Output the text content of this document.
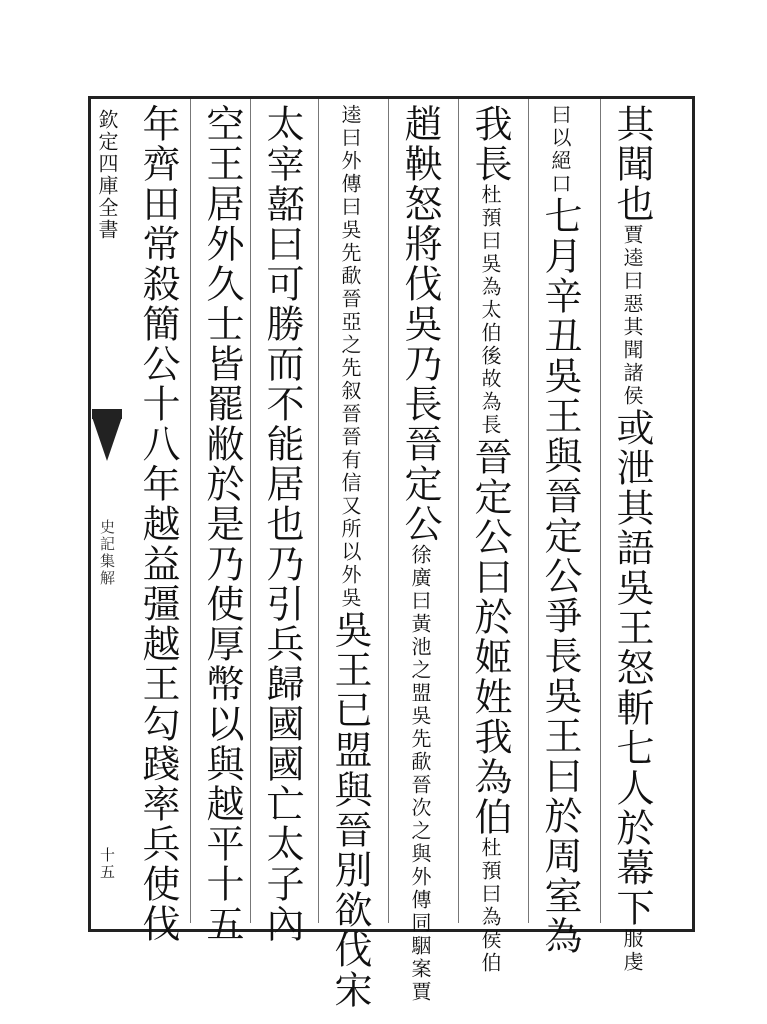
欽定四庫全書
史記集解
十五
其聞也賈逵曰惡其聞諸侯或泄其語吳王怒斬七人於幕下服虔
曰以絕口七月辛丑吳王與晉定公爭長吳王曰於周室為
我長杜預曰吳為太伯後故為長晉定公曰於姬姓我為伯杜預曰為侯伯
趙鞅怒將伐吳乃長晉定公徐廣曰黃池之盟吳先歃晉次之與外傳同駰案賈
逵曰外傳曰吳先歃晉亞之先叙晉晉有信又所以外吳吳王已盟與晉別欲伐宋
太宰嚭曰可勝而不能居也乃引兵歸國國亡太子內
空王居外久士皆罷敝於是乃使厚幣以與越平十五
年齊田常殺簡公十八年越益彊越王勾踐率兵使伐
